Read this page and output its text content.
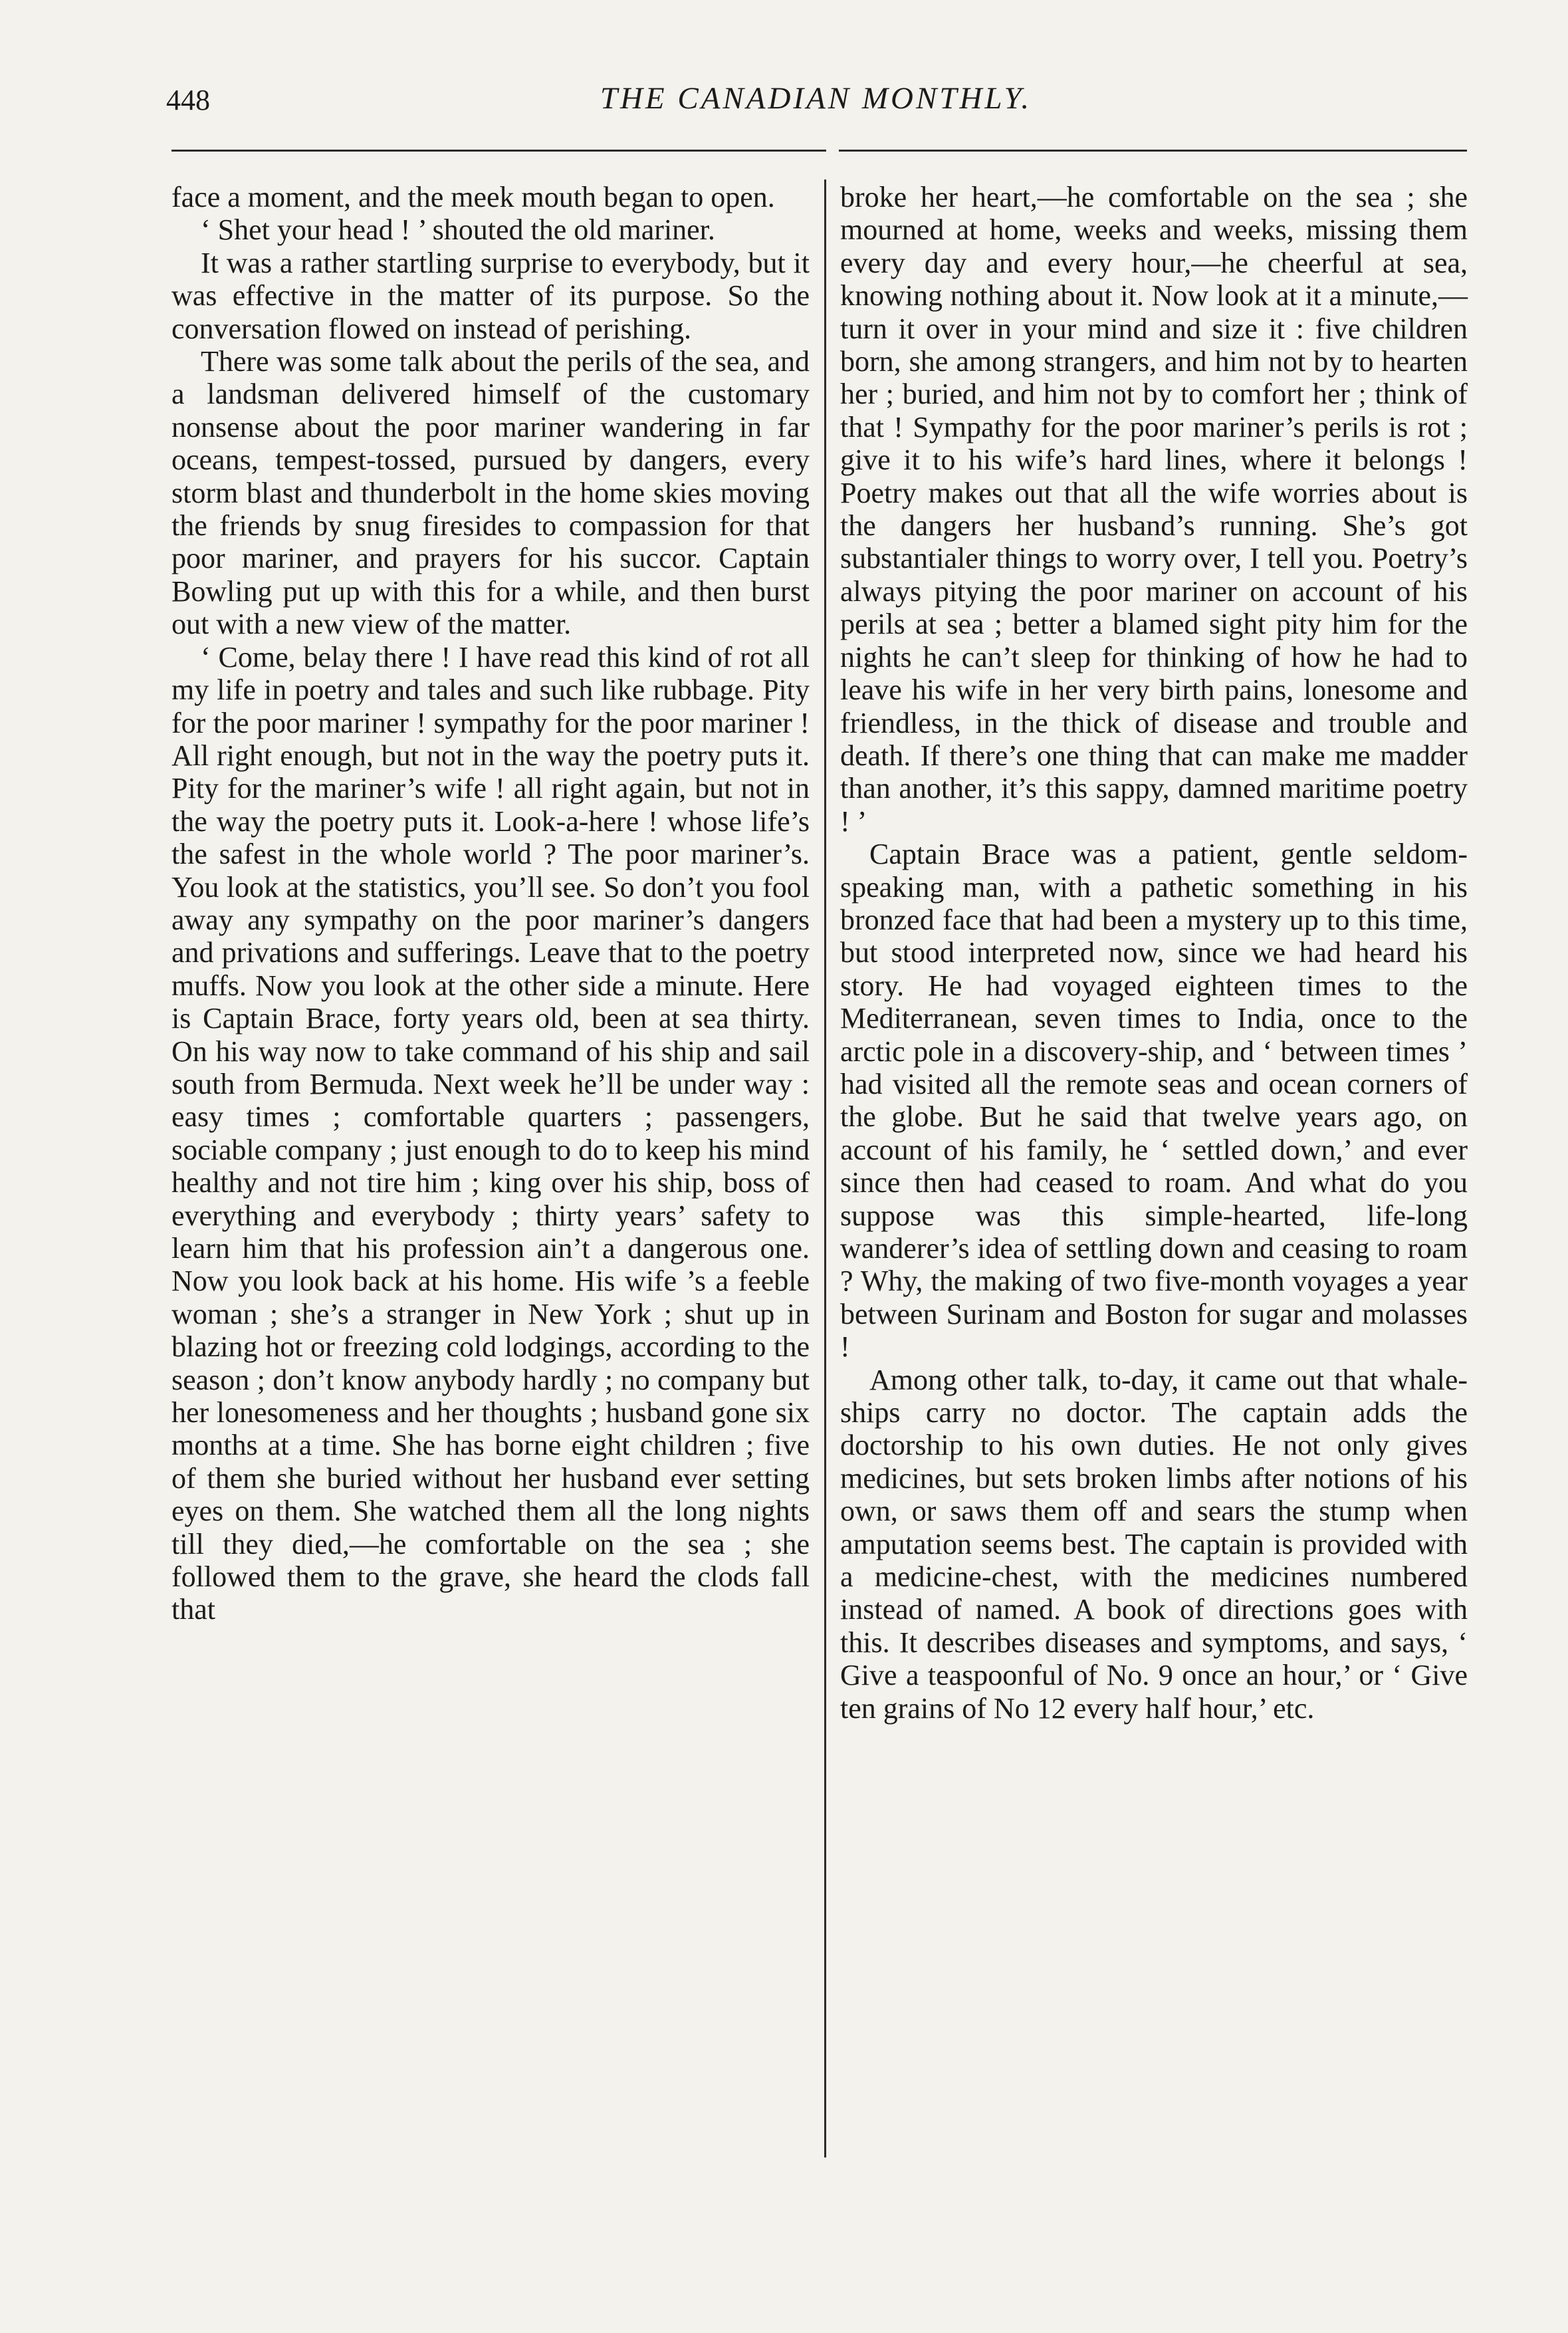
448	THE CANADIAN MONTHLY.

face a moment, and the meek mouth began to open.

‘ Shet your head ! ’ shouted the old mariner.

It was a rather startling surprise to everybody, but it was effective in the matter of its purpose. So the conversation flowed on instead of perishing.

There was some talk about the perils of the sea, and a landsman delivered himself of the customary nonsense about the poor mariner wandering in far oceans, tempest-tossed, pursued by dangers, every storm blast and thunderbolt in the home skies moving the friends by snug firesides to compassion for that poor mariner, and prayers for his succor. Captain Bowling put up with this for a while, and then burst out with a new view of the matter.

‘ Come, belay there ! I have read this kind of rot all my life in poetry and tales and such like rubbage. Pity for the poor mariner ! sympathy for the poor mariner ! All right enough, but not in the way the poetry puts it. Pity for the mariner’s wife ! all right again, but not in the way the poetry puts it. Look-a-here ! whose life’s the safest in the whole world ? The poor mariner’s. You look at the statistics, you’ll see. So don’t you fool away any sympathy on the poor mariner’s dangers and privations and sufferings. Leave that to the poetry muffs. Now you look at the other side a minute. Here is Captain Brace, forty years old, been at sea thirty. On his way now to take command of his ship and sail south from Bermuda. Next week he’ll be under way : easy times ; comfortable quarters ; passengers, sociable company ; just enough to do to keep his mind healthy and not tire him ; king over his ship, boss of everything and everybody ; thirty years’ safety to learn him that his profession ain’t a dangerous one. Now you look back at his home. His wife ’s a feeble woman ; she’s a stranger in New York ; shut up in blazing hot or freezing cold lodgings, according to the season ; don’t know anybody hardly ; no company but her lonesomeness and her thoughts ; husband gone six months at a time. She has borne eight children ; five of them she buried without her husband ever setting eyes on them. She watched them all the long nights till they died,—he comfortable on the sea ; she followed them to the grave, she heard the clods fall that

broke her heart,—he comfortable on the sea ; she mourned at home, weeks and weeks, missing them every day and every hour,—he cheerful at sea, knowing nothing about it. Now look at it a minute,—turn it over in your mind and size it : five children born, she among strangers, and him not by to hearten her ; buried, and him not by to comfort her ; think of that ! Sympathy for the poor mariner’s perils is rot ; give it to his wife’s hard lines, where it belongs ! Poetry makes out that all the wife worries about is the dangers her husband’s running. She’s got substantialer things to worry over, I tell you. Poetry’s always pitying the poor mariner on account of his perils at sea ; better a blamed sight pity him for the nights he can’t sleep for thinking of how he had to leave his wife in her very birth pains, lonesome and friendless, in the thick of disease and trouble and death. If there’s one thing that can make me madder than another, it’s this sappy, damned maritime poetry ! ’

Captain Brace was a patient, gentle seldom-speaking man, with a pathetic something in his bronzed face that had been a mystery up to this time, but stood interpreted now, since we had heard his story. He had voyaged eighteen times to the Mediterranean, seven times to India, once to the arctic pole in a discovery-ship, and ‘ between times ’ had visited all the remote seas and ocean corners of the globe. But he said that twelve years ago, on account of his family, he ‘ settled down,’ and ever since then had ceased to roam. And what do you suppose was this simple-hearted, life-long wanderer’s idea of settling down and ceasing to roam ? Why, the making of two five-month voyages a year between Surinam and Boston for sugar and molasses !

Among other talk, to-day, it came out that whale-ships carry no doctor. The captain adds the doctorship to his own duties. He not only gives medicines, but sets broken limbs after notions of his own, or saws them off and sears the stump when amputation seems best. The captain is provided with a medicine-chest, with the medicines numbered instead of named. A book of directions goes with this. It describes diseases and symptoms, and says, ‘ Give a teaspoonful of No. 9 once an hour,’ or ‘ Give ten grains of No 12 every half hour,’ etc.
